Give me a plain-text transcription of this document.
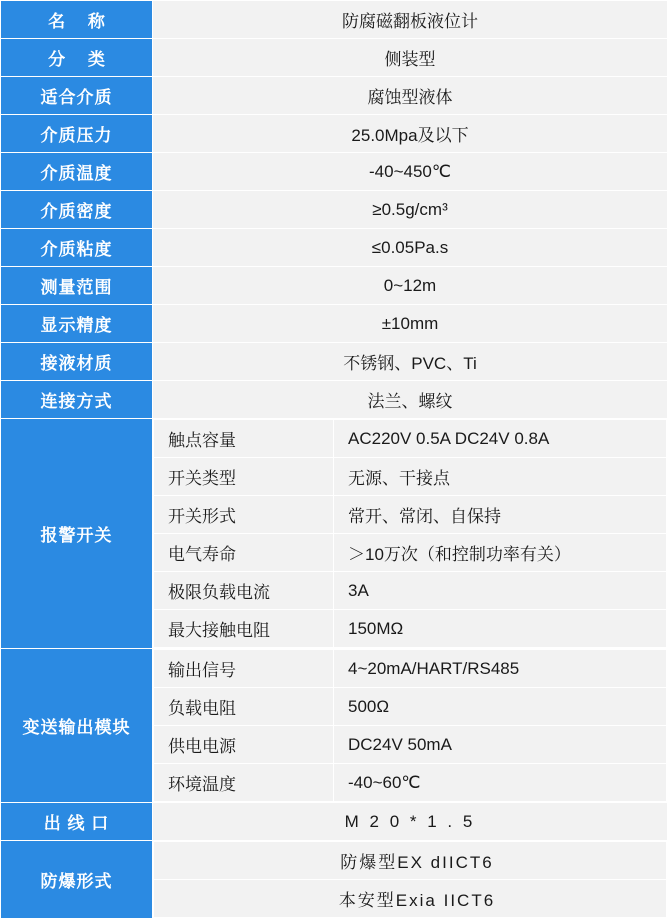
名 称	防腐磁翻板液位计
分 类	侧装型
适合介质	腐蚀型液体
介质压力	25.0Mpa及以下
介质温度	-40~450℃
介质密度	≥0.5g/cm³
介质粘度	≤0.05Pa.s
测量范围	0~12m
显示精度	±10mm
接液材质	不锈钢、PVC、Ti
连接方式	法兰、螺纹
报警开关	
触点容量	AC220V 0.5A DC24V 0.8A
开关类型	无源、干接点
开关形式	常开、常闭、自保持
电气寿命	＞10万次（和控制功率有关）
极限负载电流	3A
最大接触电阻	150MΩ

变送输出模块	
输出信号	4~20mA/HART/RS485
负载电阻	500Ω
供电电源	DC24V 50mA
环境温度	-40~60℃

出 线 口	M 2 0 * 1 . 5
防爆形式	
防爆型EX dIICT6
本安型Exia IICT6
